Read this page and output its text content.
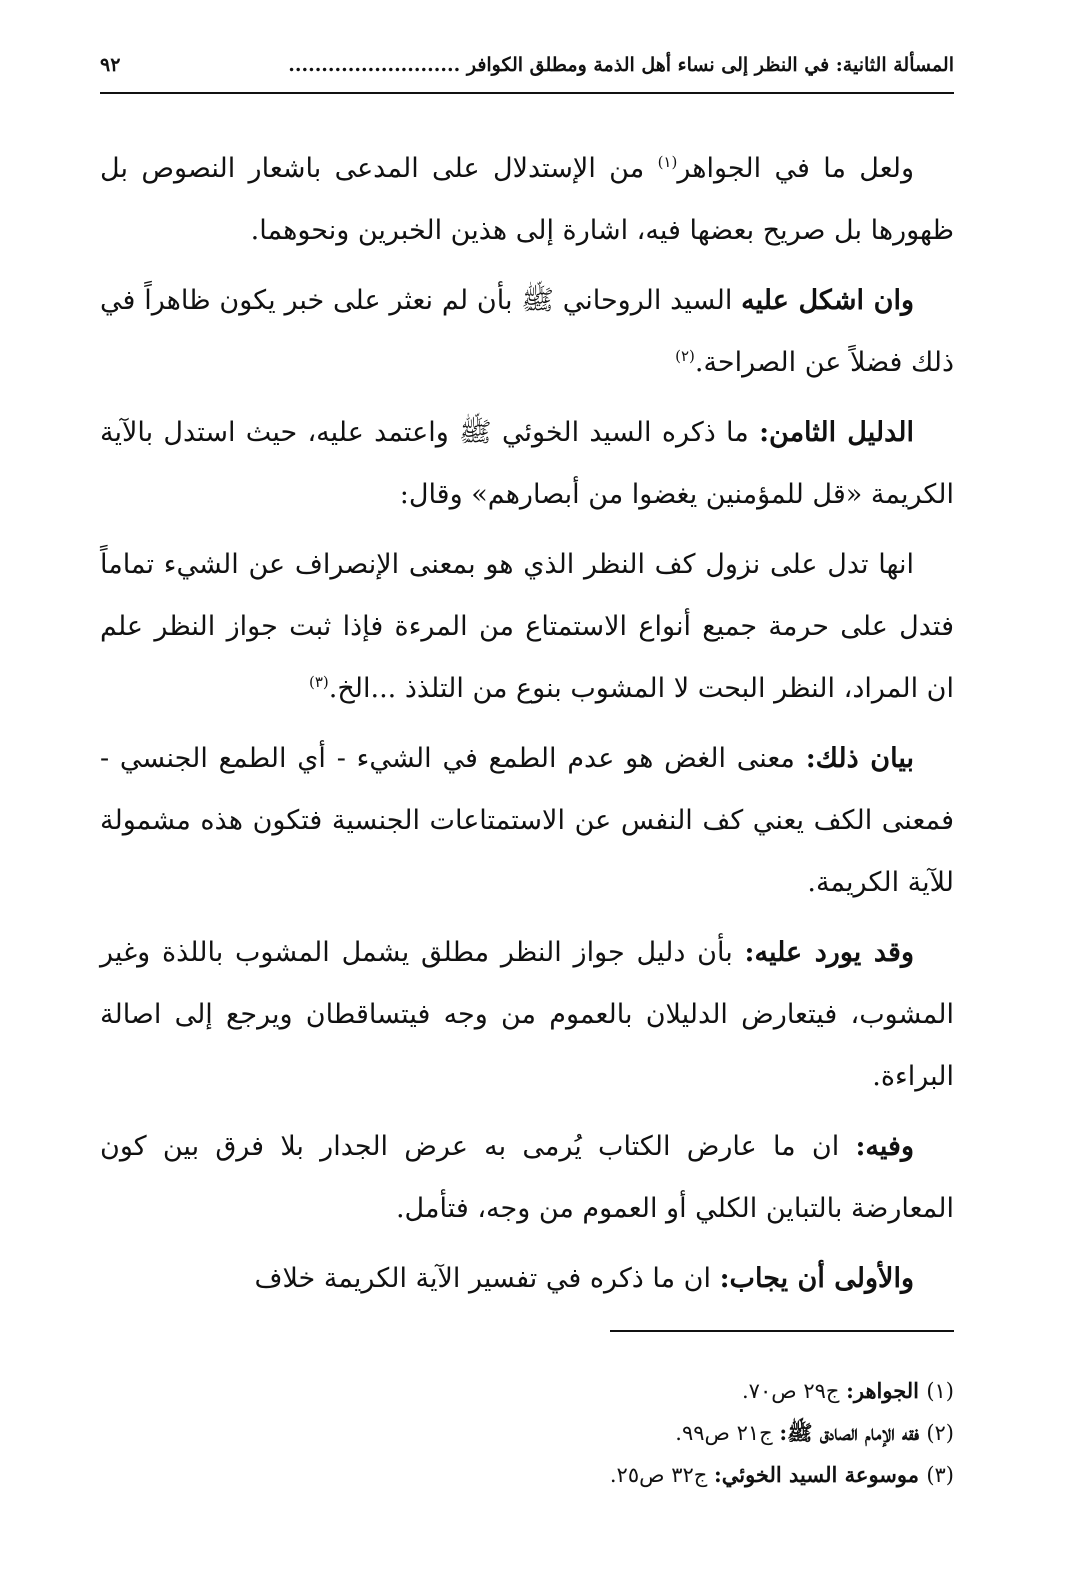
المسألة الثانية: في النظر إلى نساء أهل الذمة ومطلق الكوافر ..........................
٩٢

ولعل ما في الجواهر$^{(١)}$ من الإستدلال على المدعى باشعار النصوص بل ظهورها بل صريح بعضها فيه، اشارة إلى هذين الخبرين ونحوهما.

وان اشكل عليه السيد الروحاني ﷺ بأن لم نعثر على خبر يكون ظاهراً في ذلك فضلاً عن الصراحة.$^{(٢)}$

الدليل الثامن: ما ذكره السيد الخوئي ﷺ واعتمد عليه، حيث استدل بالآية الكريمة «قل للمؤمنين يغضوا من أبصارهم» وقال:

انها تدل على نزول كف النظر الذي هو بمعنى الإنصراف عن الشيء تماماً فتدل على حرمة جميع أنواع الاستمتاع من المرءة فإذا ثبت جواز النظر علم ان المراد، النظر البحت لا المشوب بنوع من التلذذ ...الخ.$^{(٣)}$

بيان ذلك: معنى الغض هو عدم الطمع في الشيء - أي الطمع الجنسي - فمعنى الكف يعني كف النفس عن الاستمتاعات الجنسية فتكون هذه مشمولة للآية الكريمة.

وقد يورد عليه: بأن دليل جواز النظر مطلق يشمل المشوب باللذة وغير المشوب، فيتعارض الدليلان بالعموم من وجه فيتساقطان ويرجع إلى اصالة البراءة.

وفيه: ان ما عارض الكتاب يُرمى به عرض الجدار بلا فرق بين كون المعارضة بالتباين الكلي أو العموم من وجه، فتأمل.

والأولى أن يجاب: ان ما ذكره في تفسير الآية الكريمة خلاف

(١) الجواهر: ج٢٩ ص٧٠.
(٢) فقه الإمام الصادق ﷺ: ج٢١ ص٩٩.
(٣) موسوعة السيد الخوئي: ج٣٢ ص٢٥.
